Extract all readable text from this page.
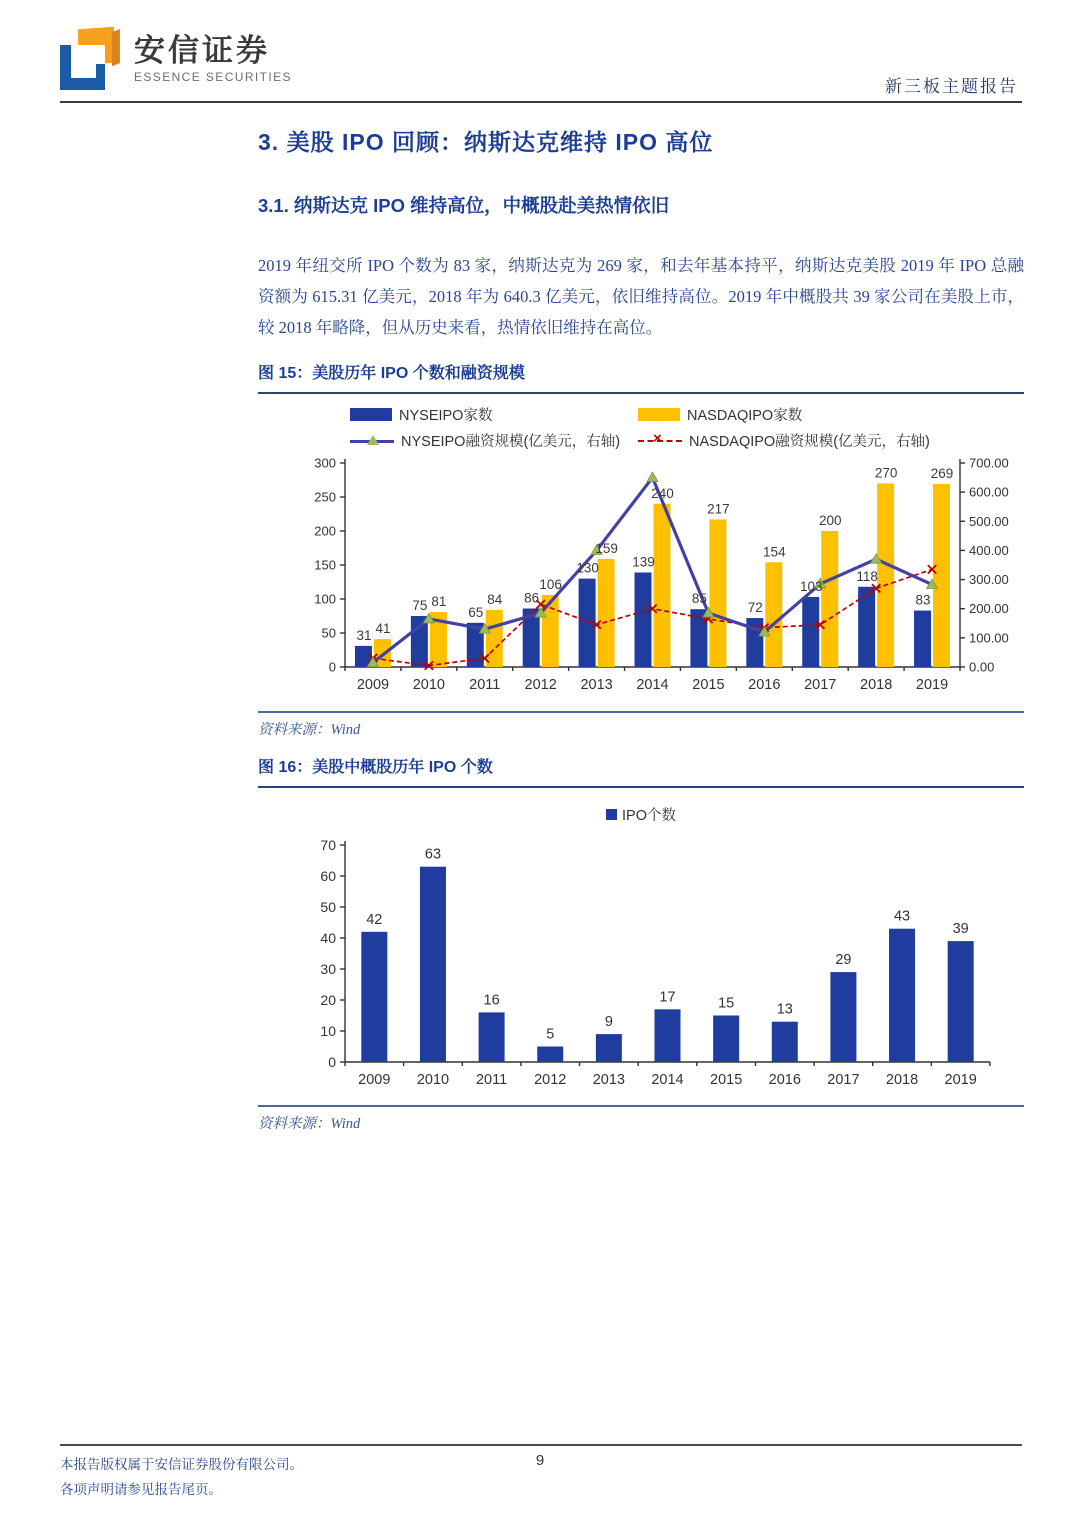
安信证券
ESSENCE SECURITIES	新三板主题报告
3. 美股 IPO 回顾：纳斯达克维持 IPO 高位
3.1. 纳斯达克 IPO 维持高位，中概股赴美热情依旧
2019 年纽交所 IPO 个数为 83 家，纳斯达克为 269 家，和去年基本持平，纳斯达克美股 2019 年 IPO 总融资额为 615.31 亿美元，2018 年为 640.3 亿美元，依旧维持高位。2019 年中概股共 39 家公司在美股上市，较 2018 年略降，但从历史来看，热情依旧维持在高位。
图 15：美股历年 IPO 个数和融资规模
NYSEIPO家数	NASDAQIPO家数
NYSEIPO融资规模(亿美元，右轴) × NASDAQIPO融资规模(亿美元，右轴)
0
50
100
150
200
250
300
0.00
100.00
200.00
300.00
400.00
500.00
600.00
700.00
31 41
2009
75 81
2010
65
84
2011
86
106
2012
130
159
2013
139
240
2014
85
217
2015
72
154
2016
103
200
2017
118
270
2018
83
269
2019
资料来源：Wind
图 16：美股中概股历年 IPO 个数
IPO个数
0
10
20
30
40
50
60
70
42
2009
63
2010
16
2011
5
2012
9
2013
17
2014
15
2015
13
2016
29
2017
43
2018
39
2019
资料来源：Wind
本报告版权属于安信证券股份有限公司。
各项声明请参见报告尾页。
9
